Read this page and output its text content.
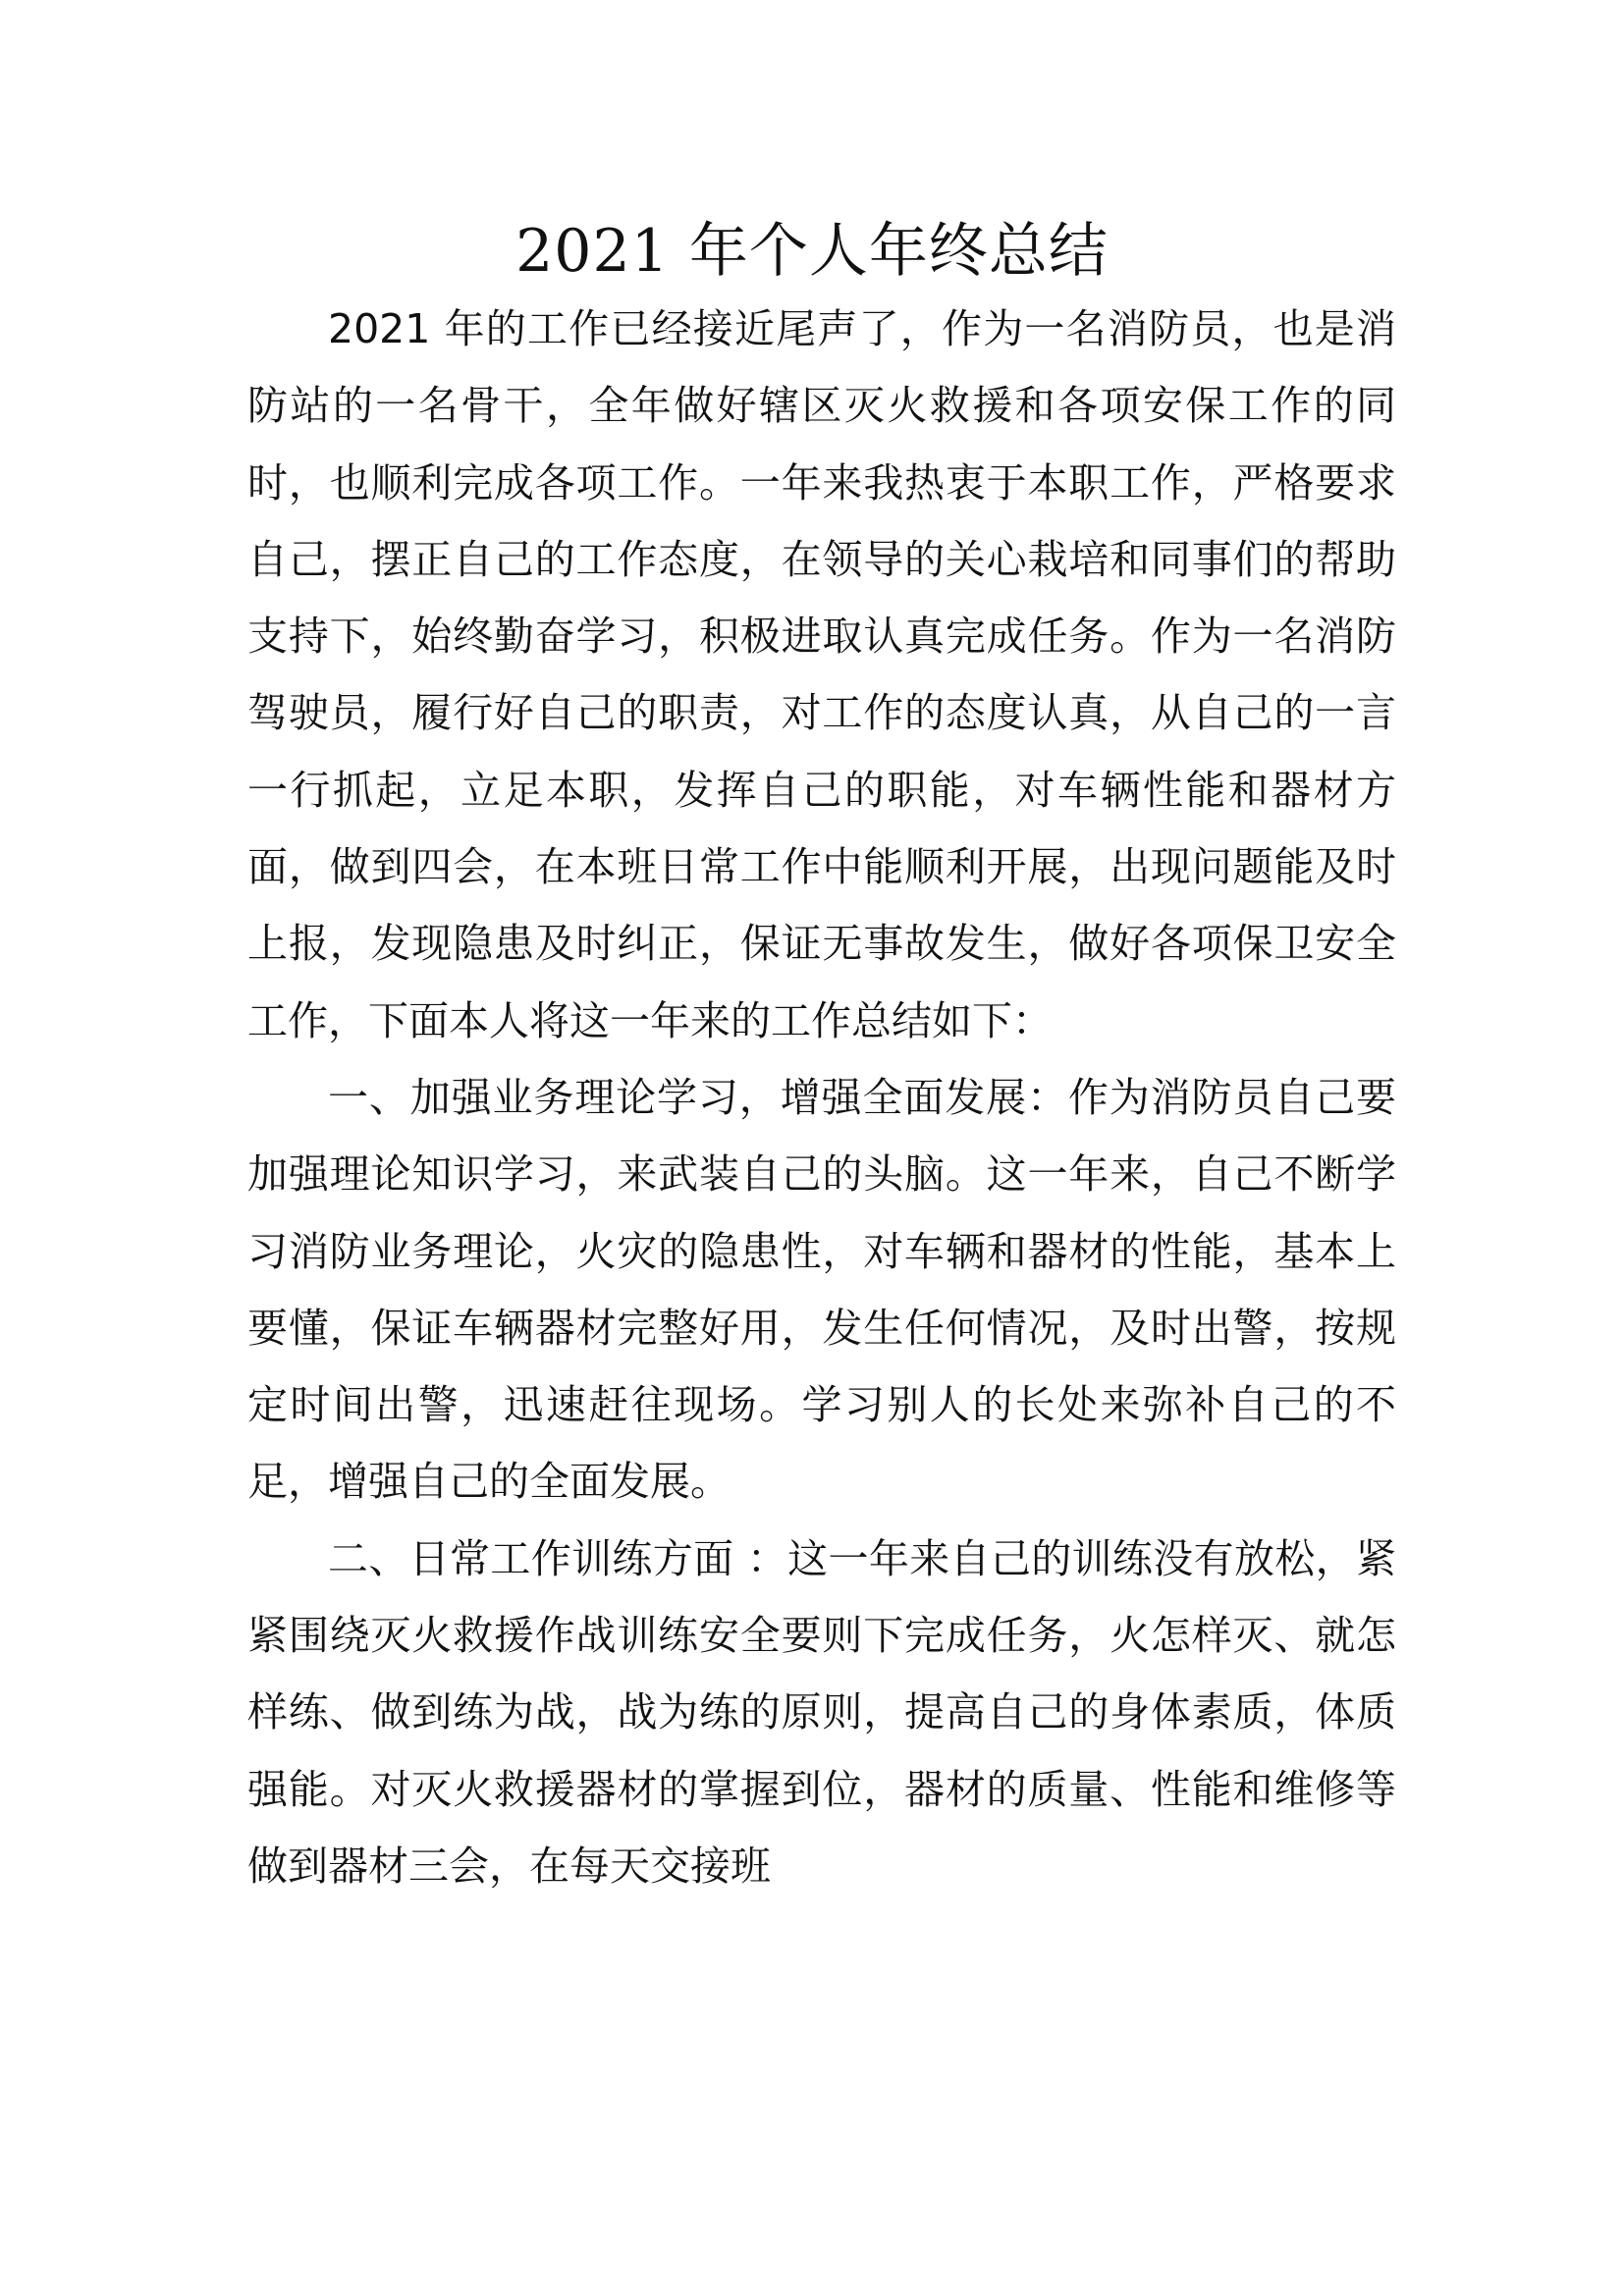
2021 年个人年终总结

2021 年的工作已经接近尾声了，作为一名消防员，也是消防站的一名骨干，全年做好辖区灭火救援和各项安保工作的同时，也顺利完成各项工作。一年来我热衷于本职工作，严格要求自己，摆正自己的工作态度，在领导的关心栽培和同事们的帮助支持下，始终勤奋学习，积极进取认真完成任务。作为一名消防驾驶员，履行好自己的职责，对工作的态度认真，从自己的一言一行抓起，立足本职，发挥自己的职能，对车辆性能和器材方面，做到四会，在本班日常工作中能顺利开展，出现问题能及时上报，发现隐患及时纠正，保证无事故发生，做好各项保卫安全工作，下面本人将这一年来的工作总结如下：

一、加强业务理论学习，增强全面发展：作为消防员自己要加强理论知识学习，来武装自己的头脑。这一年来，自己不断学习消防业务理论，火灾的隐患性，对车辆和器材的性能，基本上要懂，保证车辆器材完整好用，发生任何情况，及时出警，按规定时间出警，迅速赶往现场。学习别人的长处来弥补自己的不足，增强自己的全面发展。

二、日常工作训练方面 ：这一年来自己的训练没有放松，紧紧围绕灭火救援作战训练安全要则下完成任务，火怎样灭、就怎样练、做到练为战，战为练的原则，提高自己的身体素质，体质强能。对灭火救援器材的掌握到位，器材的质量、性能和维修等做到器材三会，在每天交接班
